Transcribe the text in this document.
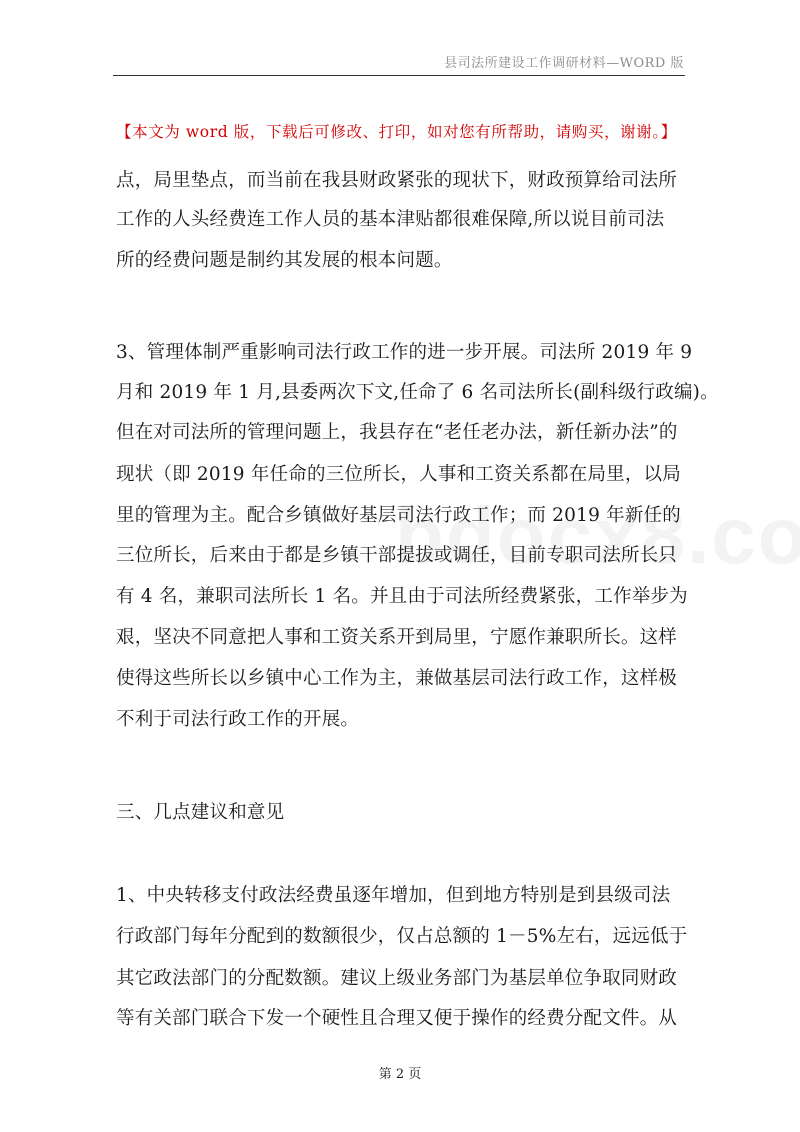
县司法所建设工作调研材料—WORD 版
【本文为 word 版，下载后可修改、打印，如对您有所帮助，请购买，谢谢。】
点，局里垫点，而当前在我县财政紧张的现状下，财政预算给司法所
工作的人头经费连工作人员的基本津贴都很难保障,所以说目前司法
所的经费问题是制约其发展的根本问题。
3、管理体制严重影响司法行政工作的进一步开展。司法所 2019 年 9
月和 2019 年 1 月,县委两次下文,任命了 6 名司法所长(副科级行政编)。
但在对司法所的管理问题上，我县存在“老任老办法，新任新办法”的
现状（即 2019 年任命的三位所长，人事和工资关系都在局里，以局
里的管理为主。配合乡镇做好基层司法行政工作；而 2019 年新任的
三位所长，后来由于都是乡镇干部提拔或调任，目前专职司法所长只
有 4 名，兼职司法所长 1 名。并且由于司法所经费紧张，工作举步为
艰，坚决不同意把人事和工资关系开到局里，宁愿作兼职所长。这样
使得这些所长以乡镇中心工作为主，兼做基层司法行政工作，这样极
不利于司法行政工作的开展。
三、几点建议和意见
1、中央转移支付政法经费虽逐年增加，但到地方特别是到县级司法
行政部门每年分配到的数额很少，仅占总额的 1－5%左右，远远低于
其它政法部门的分配数额。建议上级业务部门为基层单位争取同财政
等有关部门联合下发一个硬性且合理又便于操作的经费分配文件。从
第 2 页
